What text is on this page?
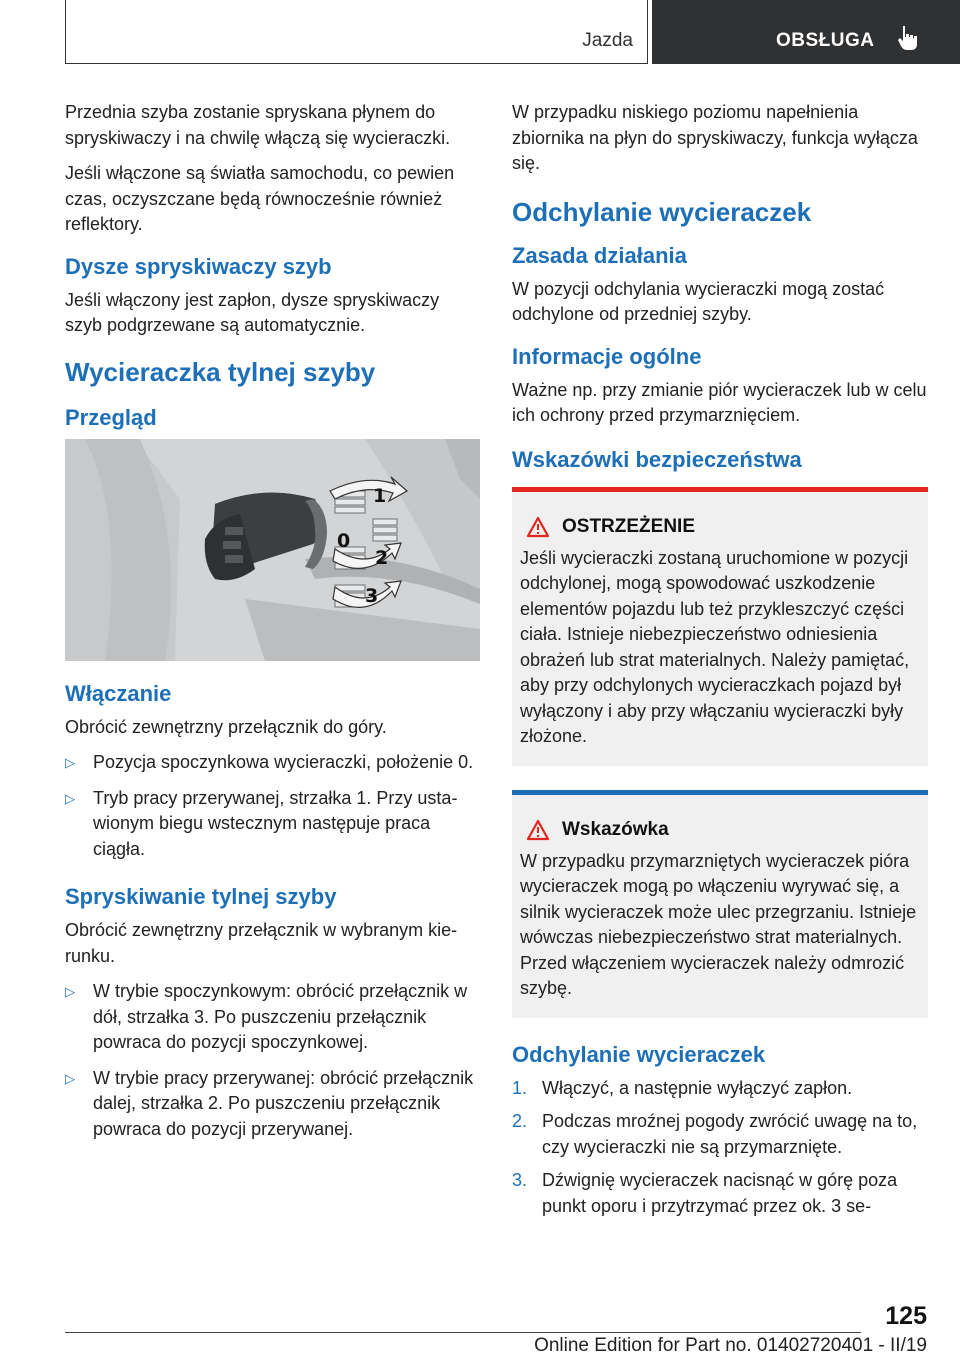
Jazda	OBSŁUGA

Przednia szyba zostanie spryskana płynem do spryskiwaczy i na chwilę włączą się wycieraczki.

Jeśli włączone są światła samochodu, co pewien czas, oczyszczane będą równocześnie również reflektory.

Dysze spryskiwaczy szyb

Jeśli włączony jest zapłon, dysze spryskiwaczy szyb podgrzewane są automatycznie.

Wycieraczka tylnej szyby
Przegląd
1
0
2
3
Włączanie

Obrócić zewnętrzny przełącznik do góry.

▷ Pozycja spoczynkowa wycieraczki, położenie 0.
▷ Tryb pracy przerywanej, strzałka 1. Przy ustawionym biegu wstecznym następuje praca ciągła.
Spryskiwanie tylnej szyby

Obrócić zewnętrzny przełącznik w wybranym kierunku.

▷ W trybie spoczynkowym: obrócić przełącznik w dół, strzałka 3. Po puszczeniu przełącznik powraca do pozycji spoczynkowej.
▷ W trybie pracy przerywanej: obrócić przełącznik dalej, strzałka 2. Po puszczeniu przełącznik powraca do pozycji przerywanej.

W przypadku niskiego poziomu napełnienia zbiornika na płyn do spryskiwaczy, funkcja wyłącza się.

Odchylanie wycieraczek
Zasada działania

W pozycji odchylania wycieraczki mogą zostać odchylone od przedniej szyby.

Informacje ogólne

Ważne np. przy zmianie piór wycieraczek lub w celu ich ochrony przed przymarznięciem.

Wskazówki bezpieczeństwa
OSTRZEŻENIE

Jeśli wycieraczki zostaną uruchomione w pozycji odchylonej, mogą spowodować uszkodzenie elementów pojazdu lub też przykleszczyć części ciała. Istnieje niebezpieczeństwo odniesienia obrażeń lub strat materialnych. Należy pamiętać, aby przy odchylonych wycieraczkach pojazd był wyłączony i aby przy włączaniu wycieraczki były złożone.

Wskazówka

W przypadku przymarzniętych wycieraczek pióra wycieraczek mogą po włączeniu wyrywać się, a silnik wycieraczek może ulec przegrzaniu. Istnieje wówczas niebezpieczeństwo strat materialnych. Przed włączeniem wycieraczek należy odmrozić szybę.

Odchylanie wycieraczek
1. Włączyć, a następnie wyłączyć zapłon.
2. Podczas mroźnej pogody zwrócić uwagę na to, czy wycieraczki nie są przymarznięte.
3. Dźwignię wycieraczek nacisnąć w górę poza punkt oporu i przytrzymać przez ok. 3 se-
125
Online Edition for Part no. 01402720401 - II/19
